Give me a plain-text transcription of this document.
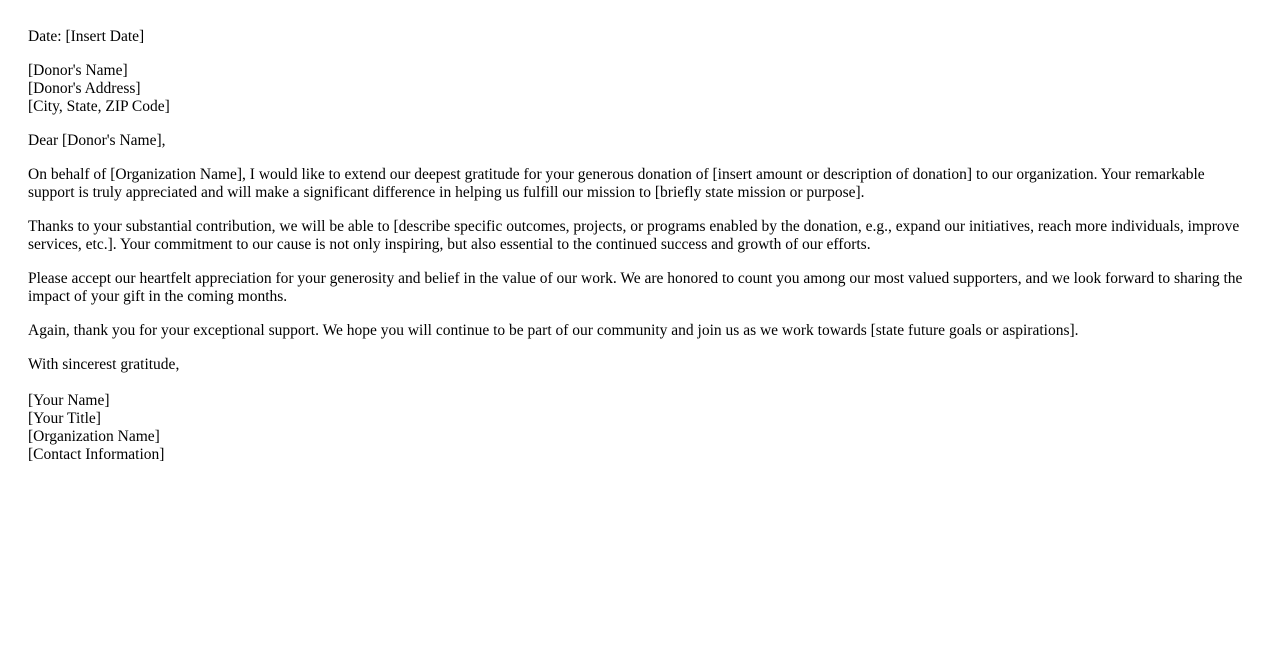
Date: [Insert Date]
[Donor's Name]
[Donor's Address]
[City, State, ZIP Code]
Dear [Donor's Name],
On behalf of [Organization Name], I would like to extend our deepest gratitude for your generous donation of [insert amount or description of donation] to our organization. Your remarkable support is truly appreciated and will make a significant difference in helping us fulfill our mission to [briefly state mission or purpose].
Thanks to your substantial contribution, we will be able to [describe specific outcomes, projects, or programs enabled by the donation, e.g., expand our initiatives, reach more individuals, improve services, etc.]. Your commitment to our cause is not only inspiring, but also essential to the continued success and growth of our efforts.
Please accept our heartfelt appreciation for your generosity and belief in the value of our work. We are honored to count you among our most valued supporters, and we look forward to sharing the impact of your gift in the coming months.
Again, thank you for your exceptional support. We hope you will continue to be part of our community and join us as we work towards [state future goals or aspirations].
With sincerest gratitude,
[Your Name]
[Your Title]
[Organization Name]
[Contact Information]
